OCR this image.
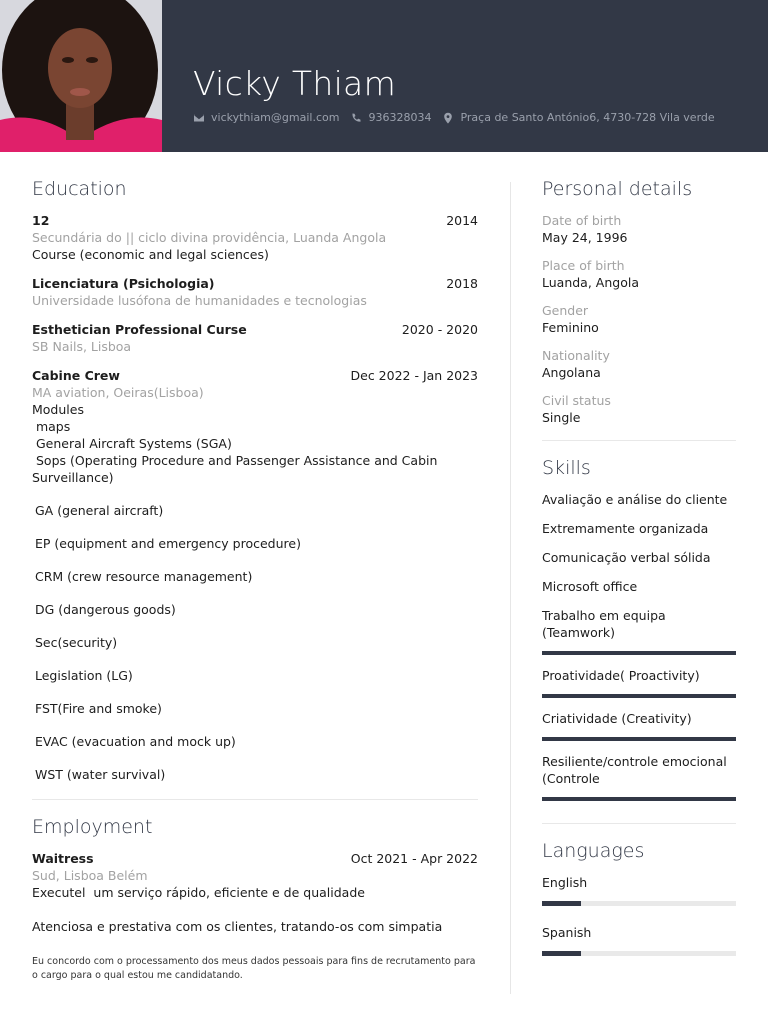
Vicky Thiam
vickythiam@gmail.com	936328034	Praça de Santo António6, 4730-728 Vila verde
Education
12	2014
Secundária do || ciclo divina providência, Luanda Angola
Course (economic and legal sciences)
Licenciatura (Psichologia)	2018
Universidade lusófona de humanidades e tecnologias
Esthetician Professional Curse	2020 - 2020
SB Nails, Lisboa
Cabine Crew	Dec 2022 - Jan 2023
MA aviation, Oeiras(Lisboa)
Modules
maps
General Aircraft Systems (SGA)
Sops (Operating Procedure and Passenger Assistance and Cabin Surveillance)
GA (general aircraft)
EP (equipment and emergency procedure)
CRM (crew resource management)
DG (dangerous goods)
Sec(security)
Legislation (LG)
FST(Fire and smoke)
EVAC (evacuation and mock up)
WST (water survival)
Employment
Waitress	Oct 2021 - Apr 2022
Sud, Lisboa Belém
Executel  um serviço rápido, eficiente e de qualidade
Atenciosa e prestativa com os clientes, tratando-os com simpatia
Eu concordo com o processamento dos meus dados pessoais para fins de recrutamento para o cargo para o qual estou me candidatando.
Personal details
Date of birth
May 24, 1996
Place of birth
Luanda, Angola
Gender
Feminino
Nationality
Angolana
Civil status
Single
Skills
Avaliação e análise do cliente
Extremamente organizada
Comunicação verbal sólida
Microsoft office
Trabalho em equipa (Teamwork)
Proatividade( Proactivity)
Criatividade (Creativity)
Resiliente/controle emocional (Controle
Languages
English
Spanish
